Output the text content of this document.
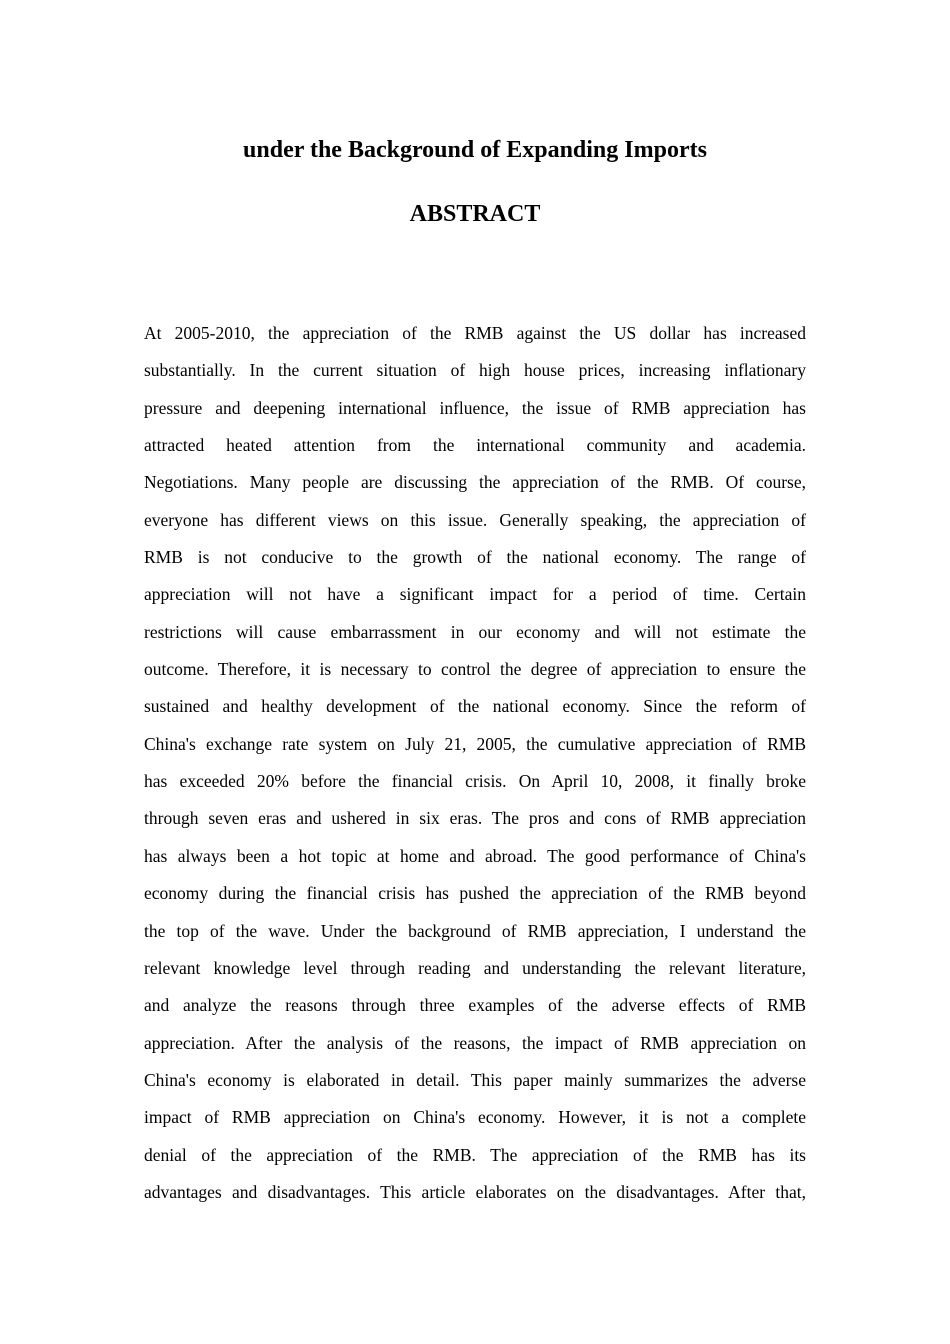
under the Background of Expanding Imports
ABSTRACT
At 2005-2010, the appreciation of the RMB against the US dollar has increased
substantially. In the current situation of high house prices, increasing inflationary
pressure and deepening international influence, the issue of RMB appreciation has
attracted heated attention from the international community and academia.
Negotiations. Many people are discussing the appreciation of the RMB. Of course,
everyone has different views on this issue. Generally speaking, the appreciation of
RMB is not conducive to the growth of the national economy. The range of
appreciation will not have a significant impact for a period of time. Certain
restrictions will cause embarrassment in our economy and will not estimate the
outcome. Therefore, it is necessary to control the degree of appreciation to ensure the
sustained and healthy development of the national economy. Since the reform of
China's exchange rate system on July 21, 2005, the cumulative appreciation of RMB
has exceeded 20% before the financial crisis. On April 10, 2008, it finally broke
through seven eras and ushered in six eras. The pros and cons of RMB appreciation
has always been a hot topic at home and abroad. The good performance of China's
economy during the financial crisis has pushed the appreciation of the RMB beyond
the top of the wave. Under the background of RMB appreciation, I understand the
relevant knowledge level through reading and understanding the relevant literature,
and analyze the reasons through three examples of the adverse effects of RMB
appreciation. After the analysis of the reasons, the impact of RMB appreciation on
China's economy is elaborated in detail. This paper mainly summarizes the adverse
impact of RMB appreciation on China's economy. However, it is not a complete
denial of the appreciation of the RMB. The appreciation of the RMB has its
advantages and disadvantages. This article elaborates on the disadvantages. After that,
